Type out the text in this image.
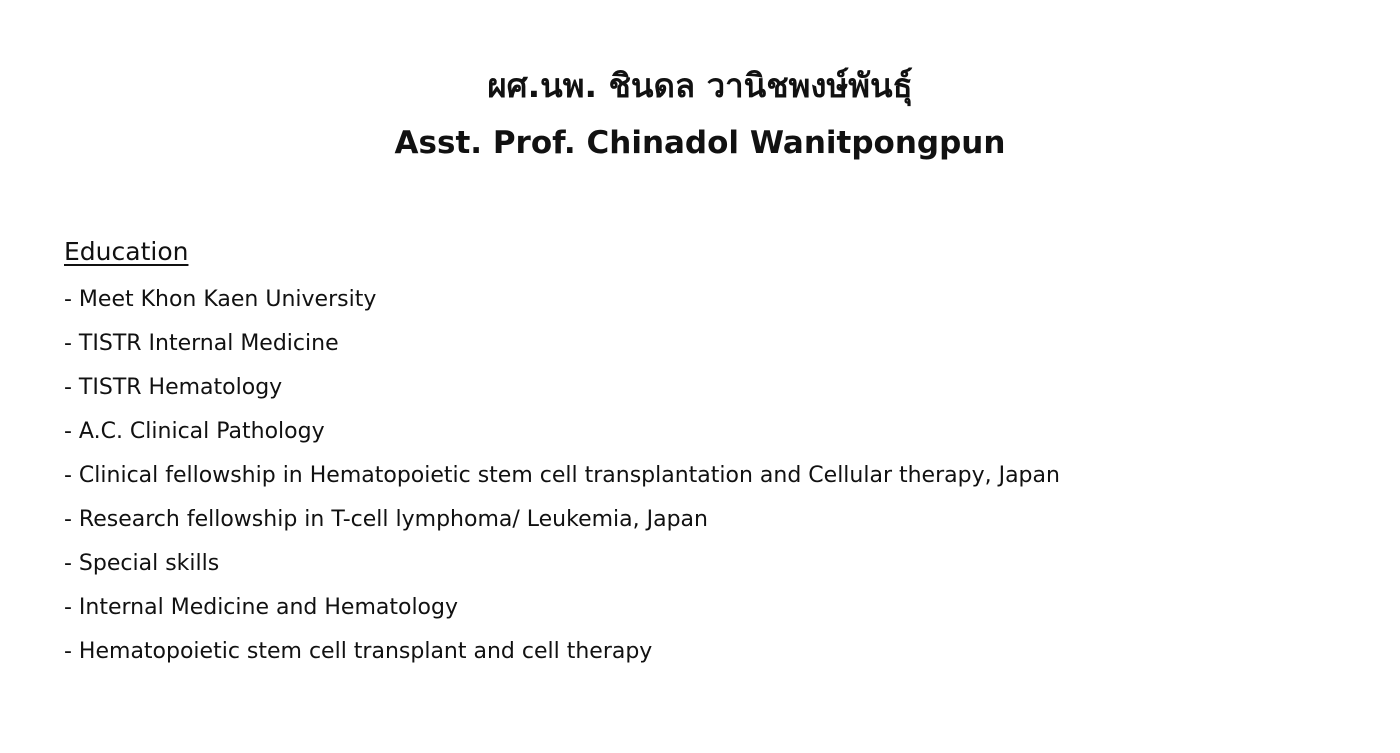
ผศ.นพ. ชินดล วานิชพงษ์พันธุ์
Asst. Prof. Chinadol Wanitpongpun
Education
- Meet Khon Kaen University
- TISTR Internal Medicine
- TISTR Hematology
- A.C. Clinical Pathology
- Clinical fellowship in Hematopoietic stem cell transplantation and Cellular therapy, Japan
- Research fellowship in T-cell lymphoma/ Leukemia, Japan
- Special skills
- Internal Medicine and Hematology
- Hematopoietic stem cell transplant and cell therapy
